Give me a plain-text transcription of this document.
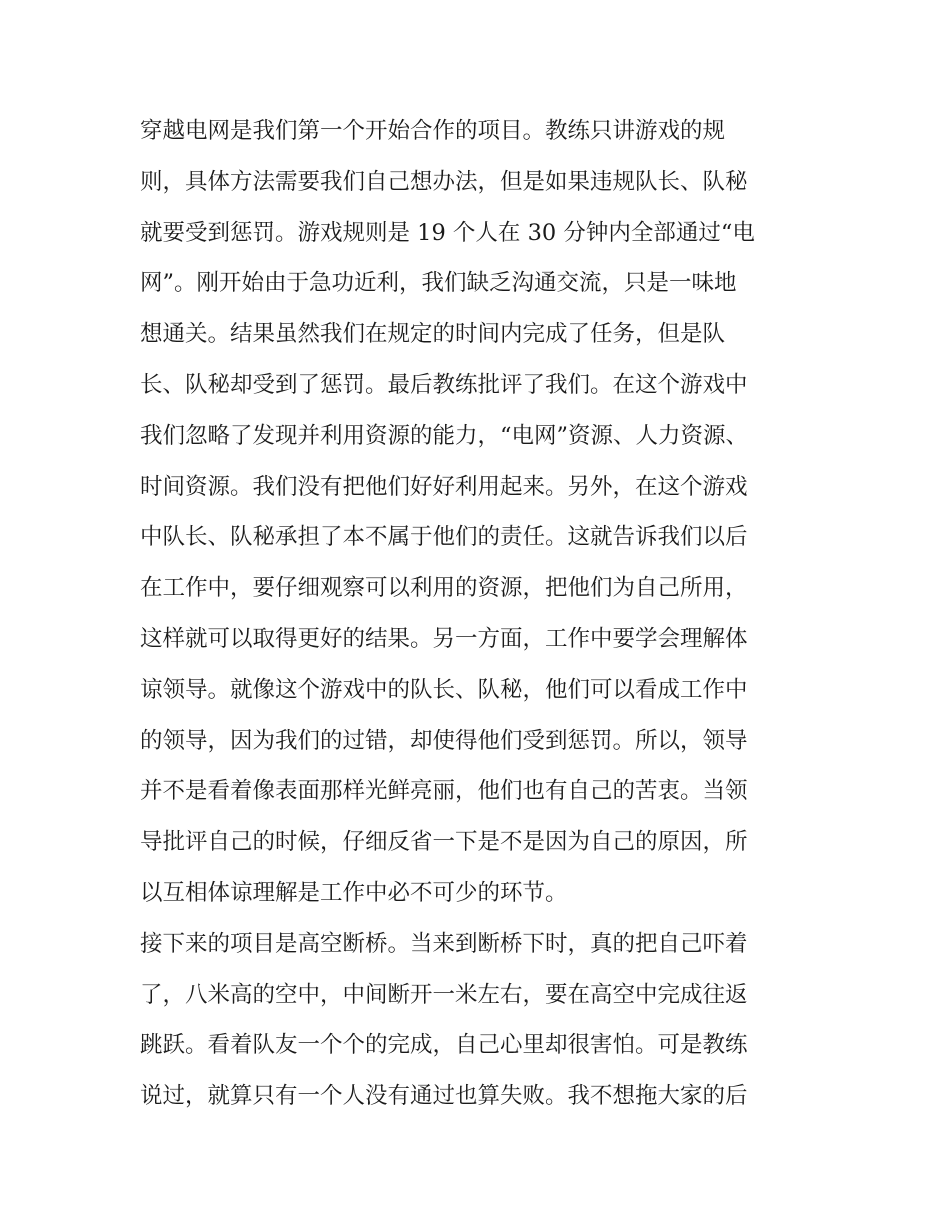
穿越电网是我们第一个开始合作的项目。教练只讲游戏的规
则，具体方法需要我们自己想办法，但是如果违规队长、队秘
就要受到惩罚。游戏规则是 19 个人在 30 分钟内全部通过“电
网”。刚开始由于急功近利，我们缺乏沟通交流，只是一味地
想通关。结果虽然我们在规定的时间内完成了任务，但是队
长、队秘却受到了惩罚。最后教练批评了我们。在这个游戏中
我们忽略了发现并利用资源的能力，“电网”资源、人力资源、
时间资源。我们没有把他们好好利用起来。另外，在这个游戏
中队长、队秘承担了本不属于他们的责任。这就告诉我们以后
在工作中，要仔细观察可以利用的资源，把他们为自己所用，
这样就可以取得更好的结果。另一方面，工作中要学会理解体
谅领导。就像这个游戏中的队长、队秘，他们可以看成工作中
的领导，因为我们的过错，却使得他们受到惩罚。所以，领导
并不是看着像表面那样光鲜亮丽，他们也有自己的苦衷。当领
导批评自己的时候，仔细反省一下是不是因为自己的原因，所
以互相体谅理解是工作中必不可少的环节。
接下来的项目是高空断桥。当来到断桥下时，真的把自己吓着
了，八米高的空中，中间断开一米左右，要在高空中完成往返
跳跃。看着队友一个个的完成，自己心里却很害怕。可是教练
说过，就算只有一个人没有通过也算失败。我不想拖大家的后
